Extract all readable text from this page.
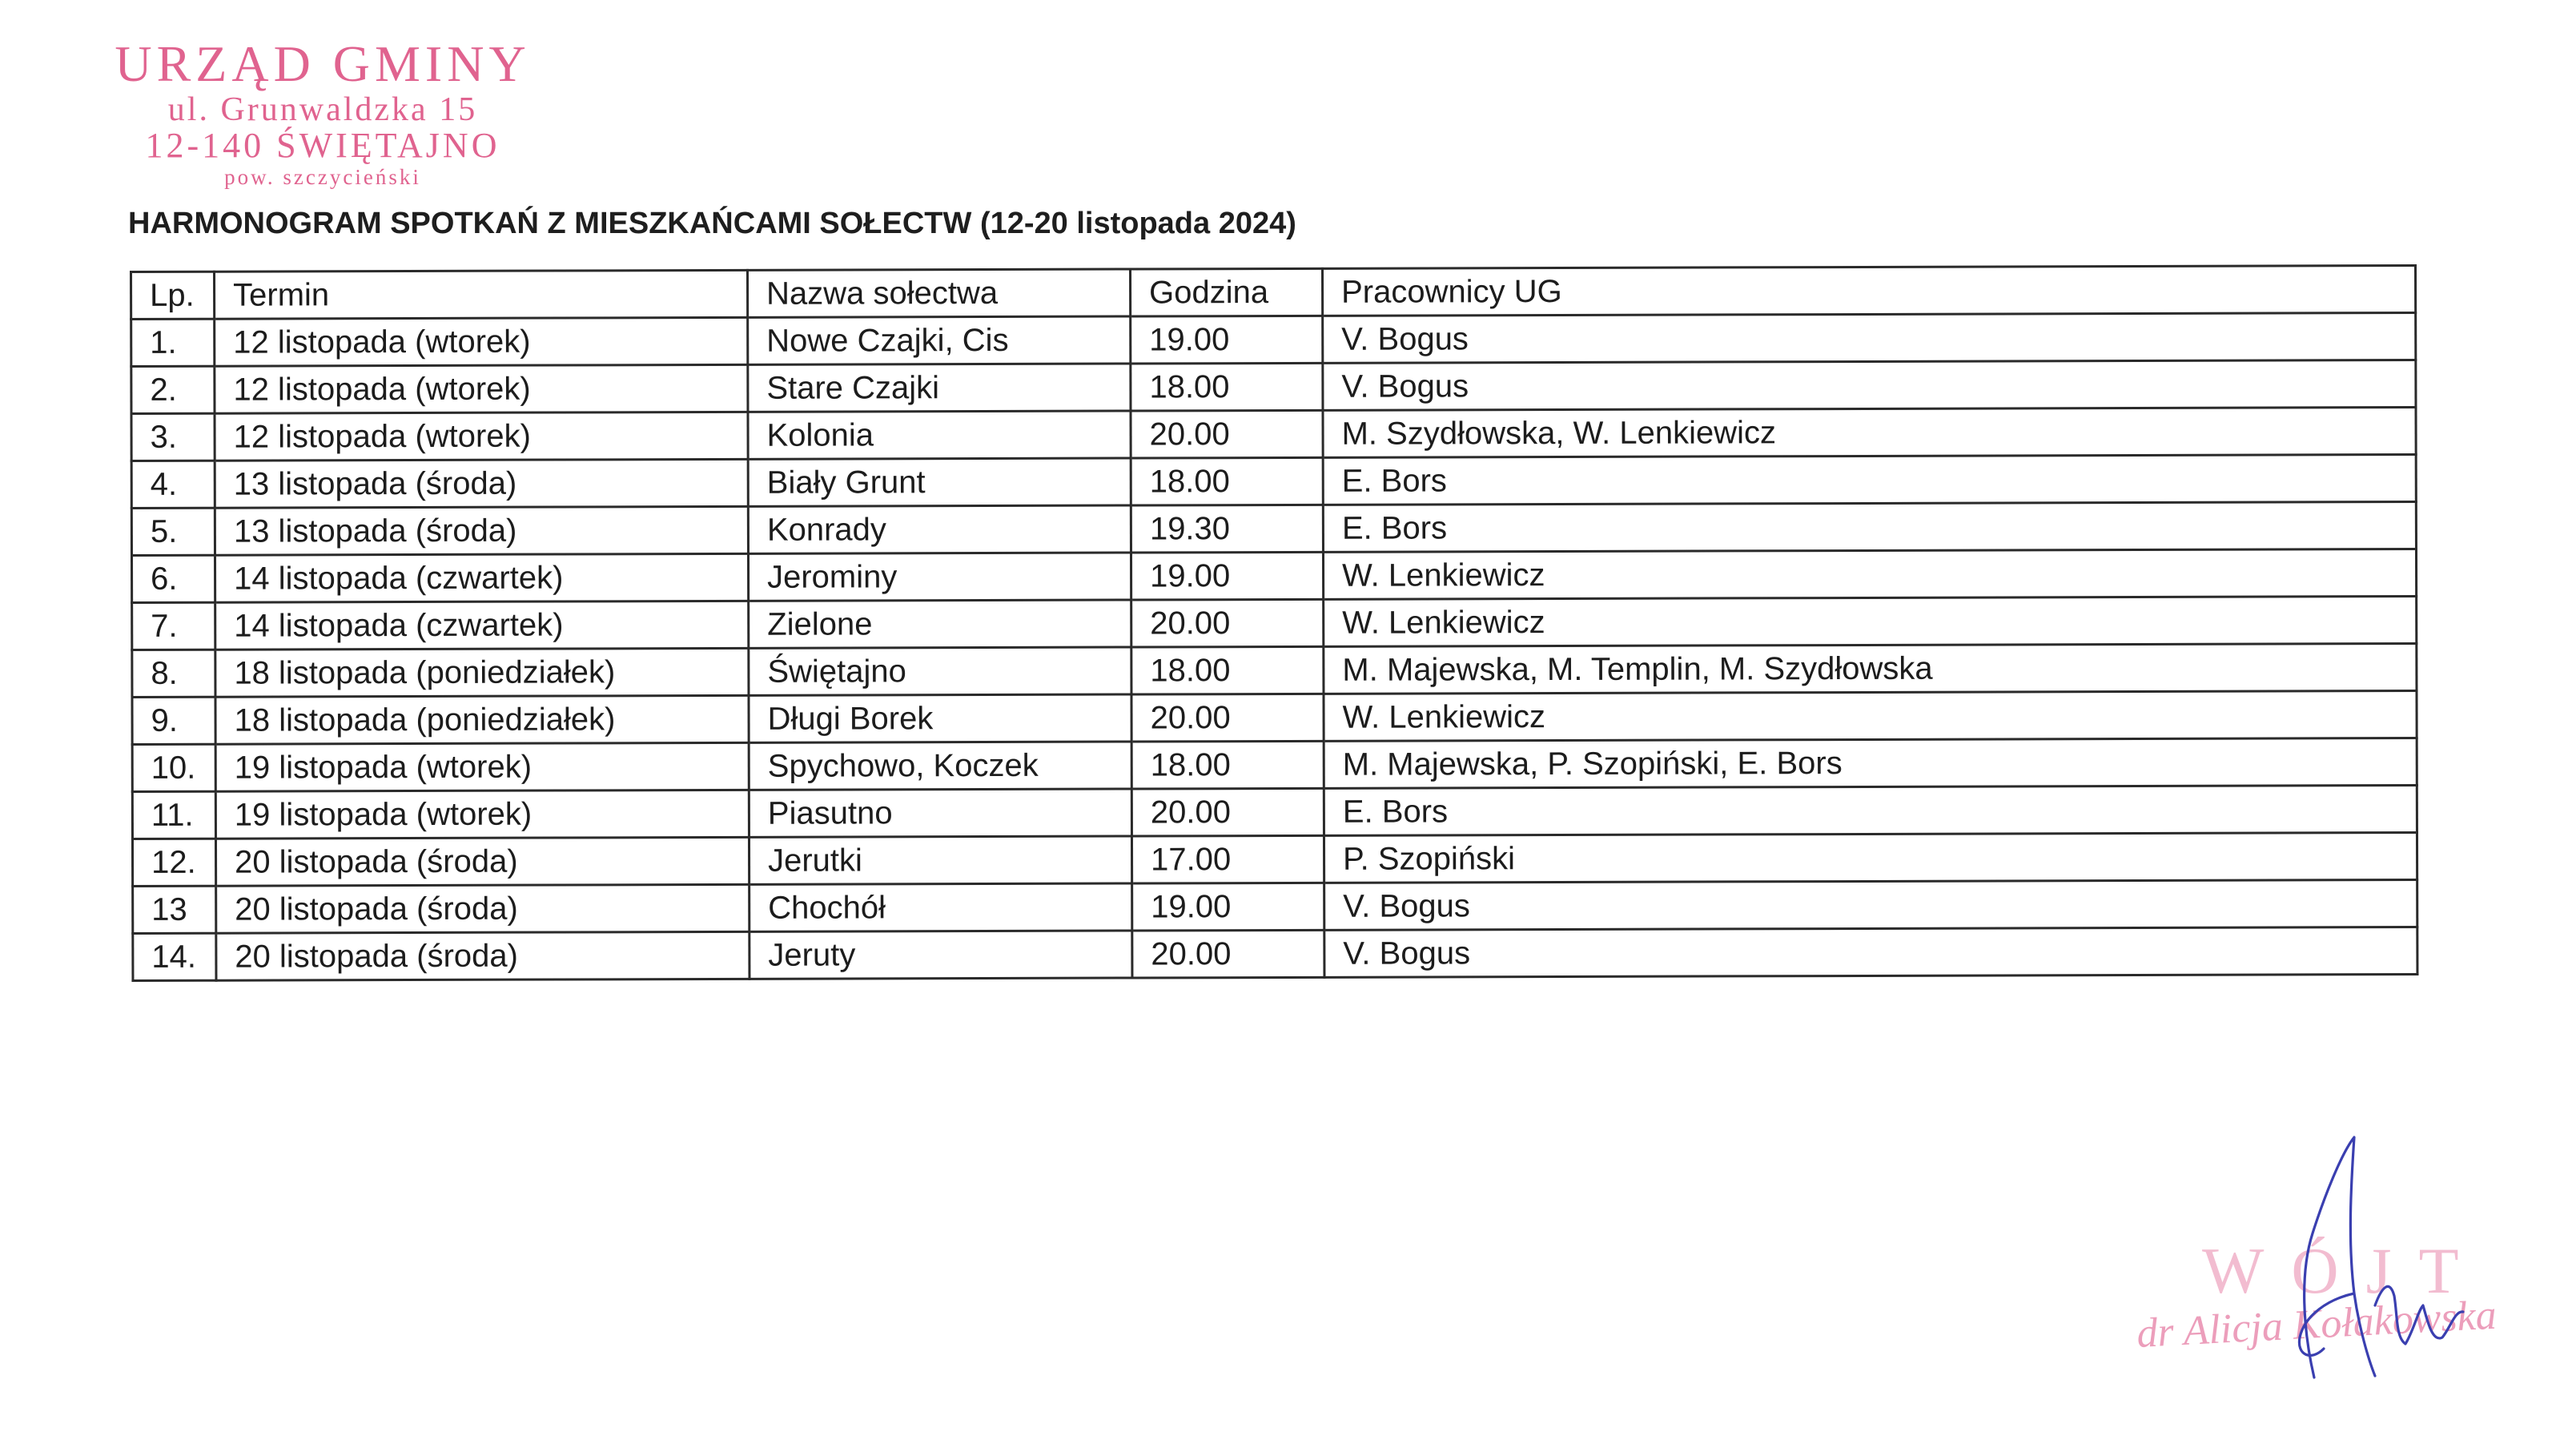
URZĄD GMINY
ul. Grunwaldzka 15
12-140 ŚWIĘTAJNO
pow. szczycieński
HARMONOGRAM SPOTKAŃ Z MIESZKAŃCAMI SOŁECTW (12-20 listopada 2024)
Lp.	Termin	Nazwa sołectwa	Godzina	Pracownicy UG
1.	12 listopada (wtorek)	Nowe Czajki, Cis	19.00	V. Bogus
2.	12 listopada (wtorek)	Stare Czajki	18.00	V. Bogus
3.	12 listopada (wtorek)	Kolonia	20.00	M. Szydłowska, W. Lenkiewicz
4.	13 listopada (środa)	Biały Grunt	18.00	E. Bors
5.	13 listopada (środa)	Konrady	19.30	E. Bors
6.	14 listopada (czwartek)	Jerominy	19.00	W. Lenkiewicz
7.	14 listopada (czwartek)	Zielone	20.00	W. Lenkiewicz
8.	18 listopada (poniedziałek)	Świętajno	18.00	M. Majewska, M. Templin, M. Szydłowska
9.	18 listopada (poniedziałek)	Długi Borek	20.00	W. Lenkiewicz
10.	19 listopada (wtorek)	Spychowo, Koczek	18.00	M. Majewska, P. Szopiński, E. Bors
11.	19 listopada (wtorek)	Piasutno	20.00	E. Bors
12.	20 listopada (środa)	Jerutki	17.00	P. Szopiński
13	20 listopada (środa)	Chochół	19.00	V. Bogus
14.	20 listopada (środa)	Jeruty	20.00	V. Bogus
WÓJT
dr Alicja Kołakowska
